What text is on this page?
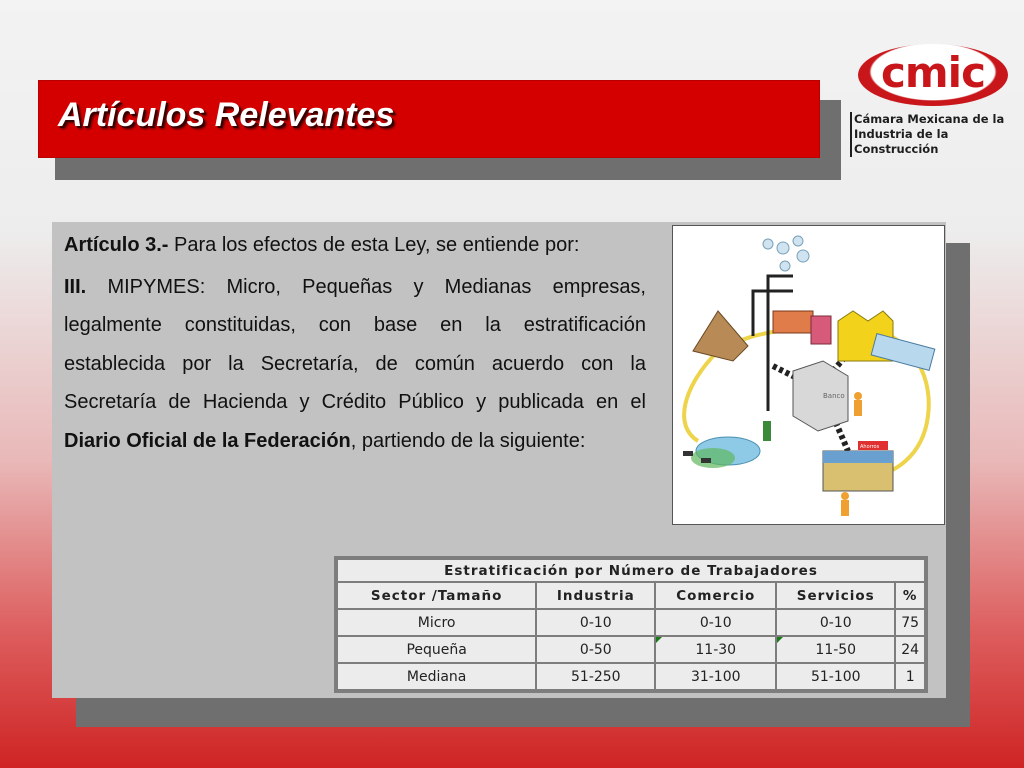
Artículos Relevantes
cmic
Cámara Mexicana de la
Industria de la Construcción

Artículo 3.- Para los efectos de esta Ley, se entiende por:

III. MIPYMES: Micro, Pequeñas y Medianas empresas, legalmente constituidas, con base en la estratificación establecida por la Secretaría, de común acuerdo con la Secretaría de Hacienda y Crédito Público y publicada en el Diario Oficial de la Federación, partiendo de la siguiente:

Banco
Ahorros
Estratificación por Número de Trabajadores				
Sector /Tamaño	Industria	Comercio	Servicios	%
Micro	0-10	0-10	0-10	75
Pequeña	0-50	11-30	11-50	24
Mediana	51-250	31-100	51-100	1
